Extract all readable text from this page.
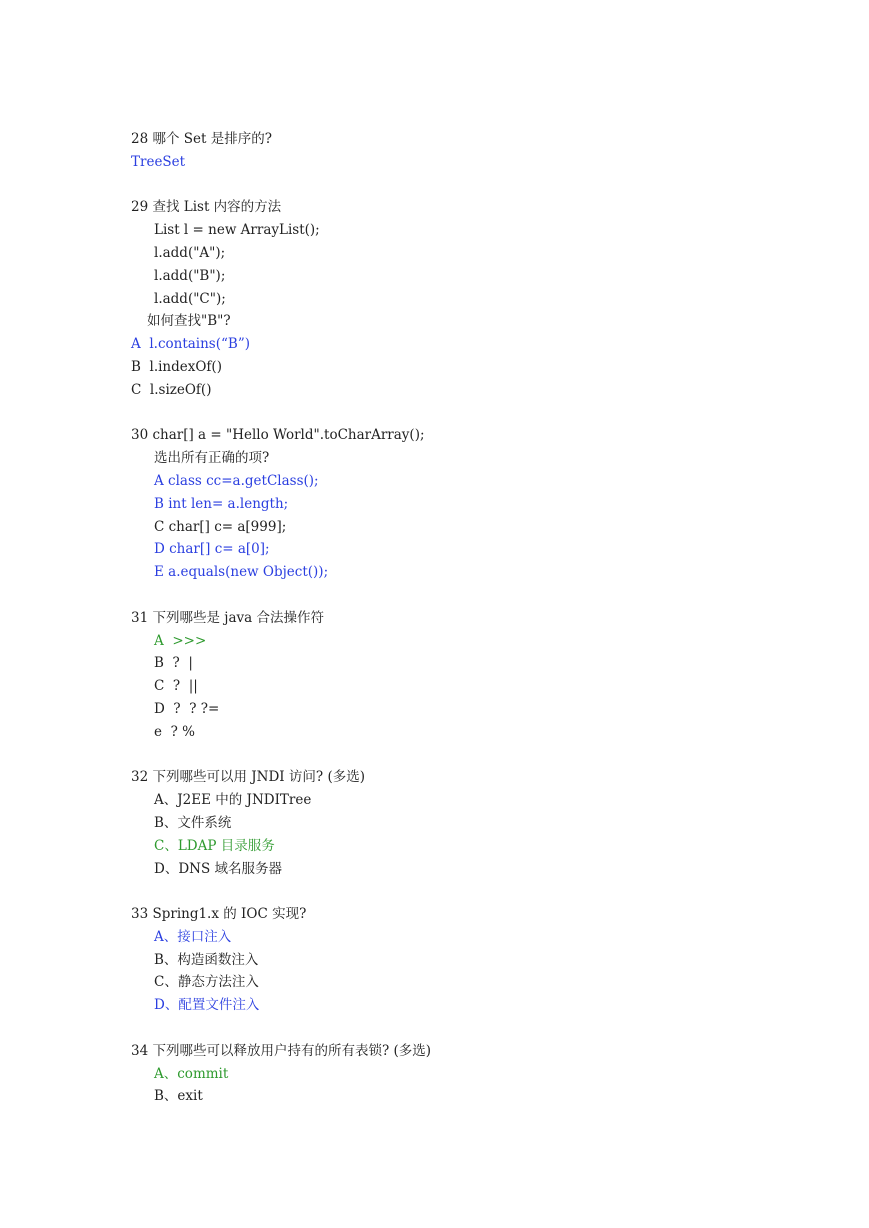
28 哪个 Set 是排序的?
TreeSet
29 查找 List 内容的方法
List l = new ArrayList();
l.add("A");
l.add("B");
l.add("C");
如何查找"B"?
A  l.contains(“B”)
B  l.indexOf()
C  l.sizeOf()
30 char[] a = "Hello World".toCharArray();
选出所有正确的项?
A class cc=a.getClass();
B int len= a.length;
C char[] c= a[999];
D char[] c= a[0];
E a.equals(new Object());
31 下列哪些是 java 合法操作符
A  >>>
B  ?  |
C  ?  ||
D  ?  ? ?=
e  ? %
32 下列哪些可以用 JNDI 访问? (多选)
A、J2EE 中的 JNDITree
B、文件系统
C、LDAP 目录服务
D、DNS 域名服务器
33 Spring1.x 的 IOC 实现?
A、接口注入
B、构造函数注入
C、静态方法注入
D、配置文件注入
34 下列哪些可以释放用户持有的所有表锁? (多选)
A、commit
B、exit
